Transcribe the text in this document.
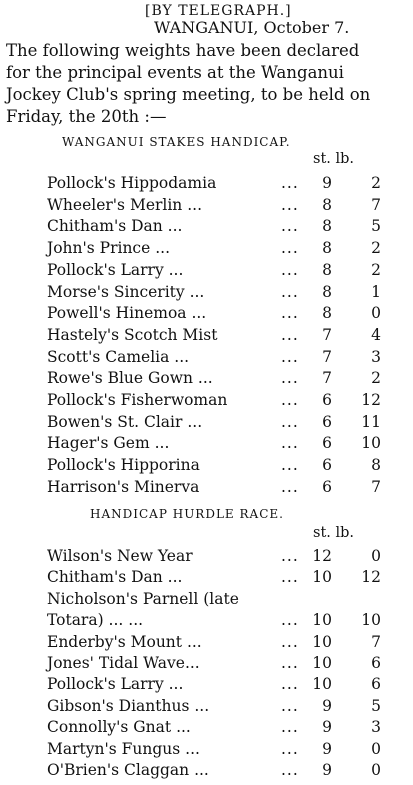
[BY TELEGRAPH.]
WANGANUI, October 7.
The following weights have been declared
for the principal events at the Wanganui
Jockey Club's spring meeting, to be held on
Friday, the 20th :—
WANGANUI STAKES HANDICAP.
st. lb.
Pollock's Hippodamia	...	9	2
Wheeler's Merlin ...	...	8	7
Chitham's Dan ...	...	8	5
John's Prince ...	...	8	2
Pollock's Larry ...	...	8	2
Morse's Sincerity ...	...	8	1
Powell's Hinemoa ...	...	8	0
Hastely's Scotch Mist	...	7	4
Scott's Camelia ...	...	7	3
Rowe's Blue Gown ...	...	7	2
Pollock's Fisherwoman	...	6	12
Bowen's St. Clair ...	...	6	11
Hager's Gem ...	...	6	10
Pollock's Hipporina	...	6	8
Harrison's Minerva	...	6	7
HANDICAP HURDLE RACE.
st. lb.
Wilson's New Year	... 12	0
Chitham's Dan ...	... 10	12
Nicholson's Parnell (late
Totara) ... ...	... 10	10
Enderby's Mount ...	... 10	7
Jones' Tidal Wave...	... 10	6
Pollock's Larry ...	... 10	6
Gibson's Dianthus ...	...	9	5
Connolly's Gnat ...	...	9	3
Martyn's Fungus ...	...	9	0
O'Brien's Claggan ...	...	9	0
